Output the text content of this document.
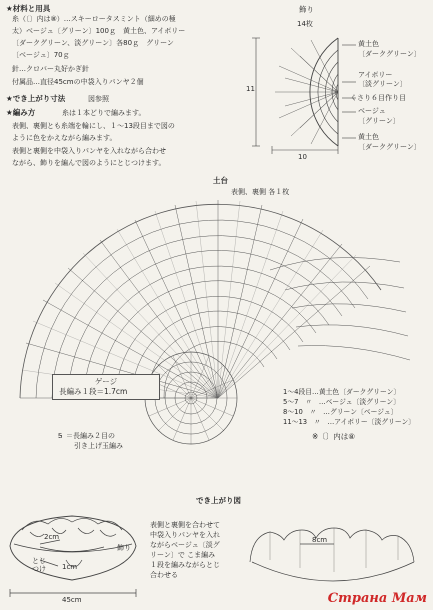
★材料と用具
糸（〔〕内は⑧）…スキーロータスミント（細めの極
太）ベージュ〔グリーン〕100ｇ　黄土色、アイボリー
〔ダークグリーン、淡グリーン〕各80ｇ　グリーン
〔ベージュ〕70ｇ
針…クロバー丸好かぎ針
付属品…直径45cmの中袋入りパンヤ２個
★でき上がり寸法	図参照
★編み方	糸は１本どりで編みます。
表側、裏側とも糸端を輪にし、１～13段目まで図の
ように色をかえながら編みます。
表側と裏側を中袋入りパンヤを入れながら合わせ
ながら、飾りを編んで図のようにとじつけます。
飾り
14枚
11
10
黄土色
〔ダークグリーン〕
アイボリー
〔淡グリーン〕
くさり６目作り目
ベージュ
〔グリーン〕
黄土色
〔ダークグリーン〕
土台
表側、裏側 各１枚
ゲージ
長編み１段＝1.7cm
Ꭶ ＝長編み２目の
引き上げ玉編み
1～4段目…黄土色〔ダークグリーン〕
5～7　〃　…ベージュ〔淡グリーン〕
8～10　〃　…グリーン〔ベージュ〕
11～13　〃　…アイボリー〔淡グリーン〕
※〔〕内は⑧
でき上がり図
2cm
1cm
45cm
飾り
とじ
つけ
8cm
表側と裏側を合わせて
中袋入りパンヤを入れ
ながらベージュ〔淡グ
リーン〕で こま編み
１段を編みながらとじ
合わせる
Страна Мам
